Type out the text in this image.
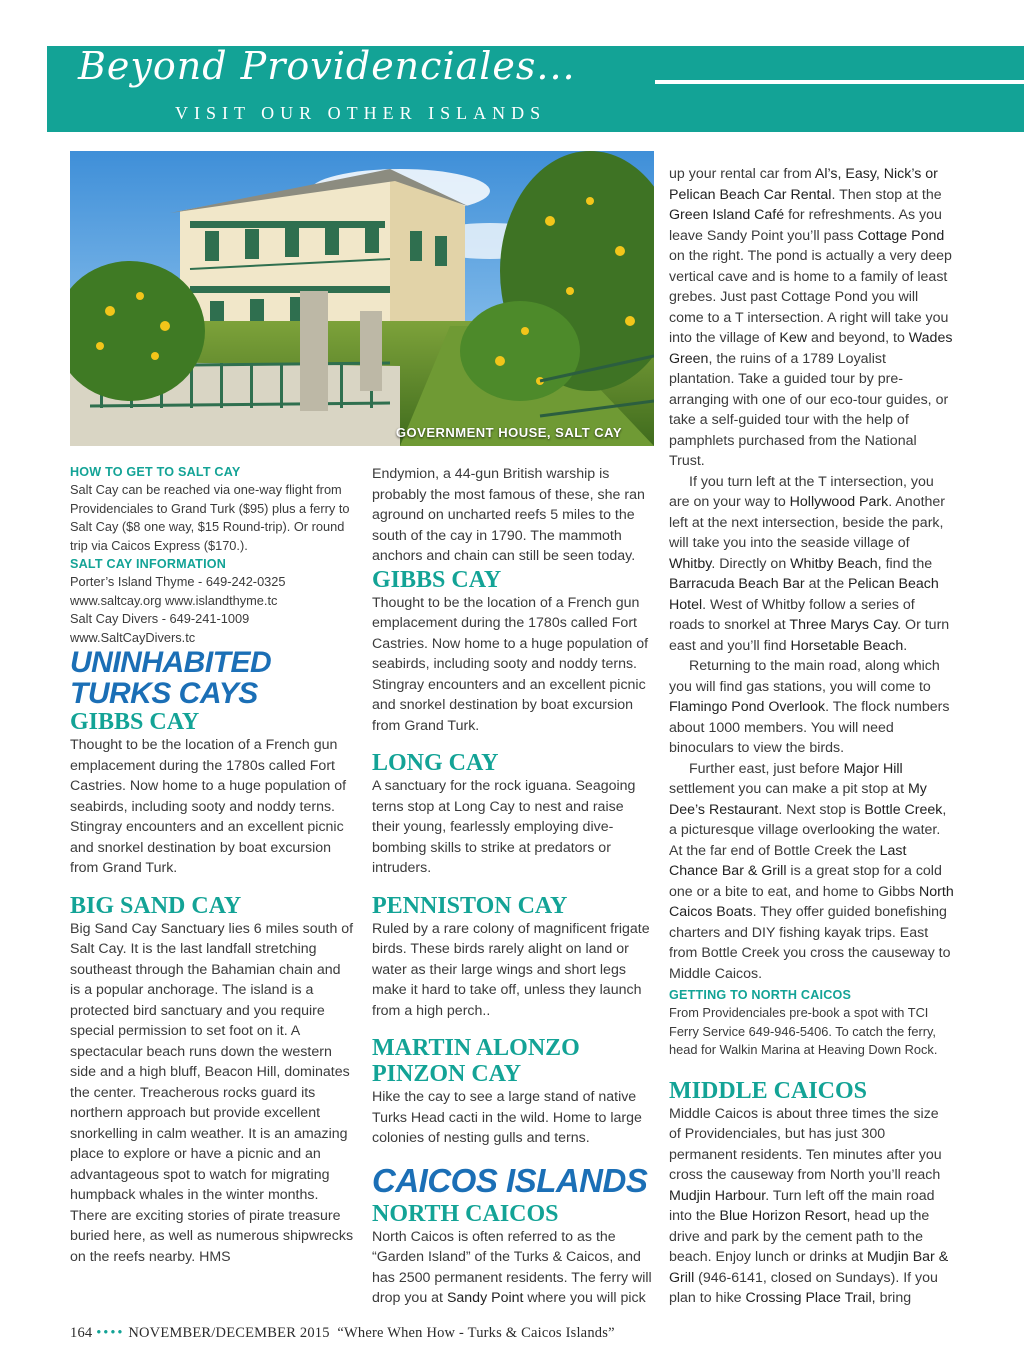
Beyond Providenciales...
VISIT OUR OTHER ISLANDS
GOVERNMENT HOUSE, SALT CAY

HOW TO GET TO SALT CAY

Salt Cay can be reached via one-way flight from Providenciales to Grand Turk ($95) plus a ferry to Salt Cay ($8 one way, $15 Round-trip). Or round trip via Caicos Express ($170.).

SALT CAY INFORMATION

Porter’s Island Thyme - 649-242-0325

www.saltcay.org www.islandthyme.tc

Salt Cay Divers - 649-241-1009

www.SaltCayDivers.tc

UNINHABITED TURKS CAYS

GIBBS CAY

Thought to be the location of a French gun emplacement during the 1780s called Fort Castries. Now home to a huge population of seabirds, including sooty and noddy terns. Stingray encounters and an excellent picnic and snorkel destination by boat excursion from Grand Turk.

BIG SAND CAY

Big Sand Cay Sanctuary lies 6 miles south of Salt Cay. It is the last landfall stretching southeast through the Bahamian chain and is a popular anchorage. The island is a protected bird sanctuary and you require special permission to set foot on it. A spectacular beach runs down the western side and a high bluff, Beacon Hill, dominates the center. Treacherous rocks guard its northern approach but provide excellent snorkelling in calm weather. It is an amazing place to explore or have a picnic and an advantageous spot to watch for migrating humpback whales in the winter months. There are exciting stories of pirate treasure buried here, as well as numerous shipwrecks on the reefs nearby. HMS

Endymion, a 44-gun British warship is probably the most famous of these, she ran aground on uncharted reefs 5 miles to the south of the cay in 1790. The mammoth anchors and chain can still be seen today.

GIBBS CAY

Thought to be the location of a French gun emplacement during the 1780s called Fort Castries. Now home to a huge population of seabirds, including sooty and noddy terns. Stingray encounters and an excellent picnic and snorkel destination by boat excursion from Grand Turk.

LONG CAY

A sanctuary for the rock iguana. Seagoing terns stop at Long Cay to nest and raise their young, fearlessly employing dive-bombing skills to strike at predators or intruders.

PENNISTON CAY

Ruled by a rare colony of magnificent frigate birds. These birds rarely alight on land or water as their large wings and short legs make it hard to take off, unless they launch from a high perch..

MARTIN ALONZO PINZON CAY

Hike the cay to see a large stand of native Turks Head cacti in the wild. Home to large colonies of nesting gulls and terns.

CAICOS ISLANDS

NORTH CAICOS

North Caicos is often referred to as the “Garden Island” of the Turks & Caicos, and has 2500 permanent residents. The ferry will drop you at Sandy Point where you will pick

up your rental car from Al’s, Easy, Nick’s or Pelican Beach Car Rental. Then stop at the Green Island Café for refreshments. As you leave Sandy Point you’ll pass Cottage Pond on the right. The pond is actually a very deep vertical cave and is home to a family of least grebes. Just past Cottage Pond you will come to a T intersection. A right will take you into the village of Kew and beyond, to Wades Green, the ruins of a 1789 Loyalist plantation. Take a guided tour by pre-arranging with one of our eco-tour guides, or take a self-guided tour with the help of pamphlets purchased from the National Trust.

If you turn left at the T intersection, you are on your way to Hollywood Park. Another left at the next intersection, beside the park, will take you into the seaside village of Whitby. Directly on Whitby Beach, find the Barracuda Beach Bar at the Pelican Beach Hotel. West of Whitby follow a series of roads to snorkel at Three Marys Cay. Or turn east and you’ll find Horsetable Beach.

Returning to the main road, along which you will find gas stations, you will come to Flamingo Pond Overlook. The flock numbers about 1000 members. You will need binoculars to view the birds.

Further east, just before Major Hill settlement you can make a pit stop at My Dee’s Restaurant. Next stop is Bottle Creek, a picturesque village overlooking the water. At the far end of Bottle Creek the Last Chance Bar & Grill is a great stop for a cold one or a bite to eat, and home to Gibbs North Caicos Boats. They offer guided bonefishing charters and DIY fishing kayak trips. East from Bottle Creek you cross the causeway to Middle Caicos.

GETTING TO NORTH CAICOS

From Providenciales pre-book a spot with TCI Ferry Service 649-946-5406. To catch the ferry, head for Walkin Marina at Heaving Down Rock.

MIDDLE CAICOS

Middle Caicos is about three times the size of Providenciales, but has just 300 permanent residents. Ten minutes after you cross the causeway from North you’ll reach Mudjin Harbour. Turn left off the main road into the Blue Horizon Resort, head up the drive and park by the cement path to the beach. Enjoy lunch or drinks at Mudjin Bar & Grill (946-6141, closed on Sundays). If you plan to hike Crossing Place Trail, bring

164 •••• NOVEMBER/DECEMBER 2015 “Where When How - Turks & Caicos Islands”
